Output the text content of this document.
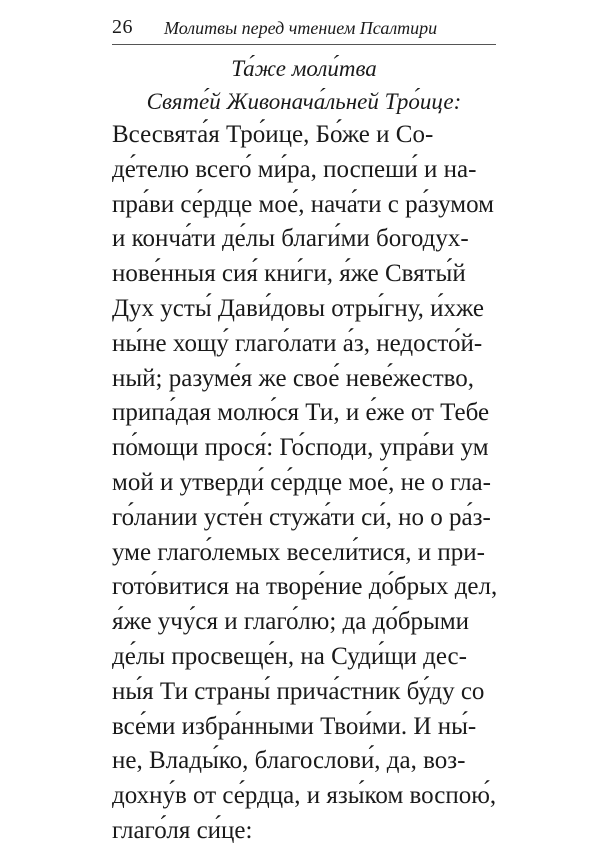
26 Молитвы перед чтением Псалтири
Та́же моли́тва
Святе́й Живонача́льней Тро́ице:
Всесвята́я Тро́ице, Бо́же и Со-
де́телю всего́ ми́ра, поспеши́ и на-
пра́ви се́рдце мое́, нача́ти с ра́зумом
и конча́ти де́лы благи́ми богодух-
нове́нныя сия́ кни́ги, я́же Святы́й
Дух усты́ Дави́довы отры́гну, и́хже
ны́не хощу́ глаго́лати а́з, недосто́й-
ный; разуме́я же свое́ неве́жество,
припа́дая молю́ся Ти, и е́же от Тебе
по́мощи прося́: Го́споди, упра́ви ум
мой и утверди́ се́рдце мое́, не о гла-
го́лании усте́н стужа́ти си́, но о ра́з-
уме глаго́лемых весели́тися, и при-
гото́витися на творе́ние до́брых дел,
я́же учу́ся и глаго́лю; да до́брыми
де́лы просвеще́н, на Суди́щи дес-
ны́я Ти страны́ прича́стник бу́ду со
все́ми избра́нными Твои́ми. И ны́-
не, Влады́ко, благослови́, да, воз-
дохну́в от се́рдца, и язы́ком воспою́,
глаго́ля си́це:
